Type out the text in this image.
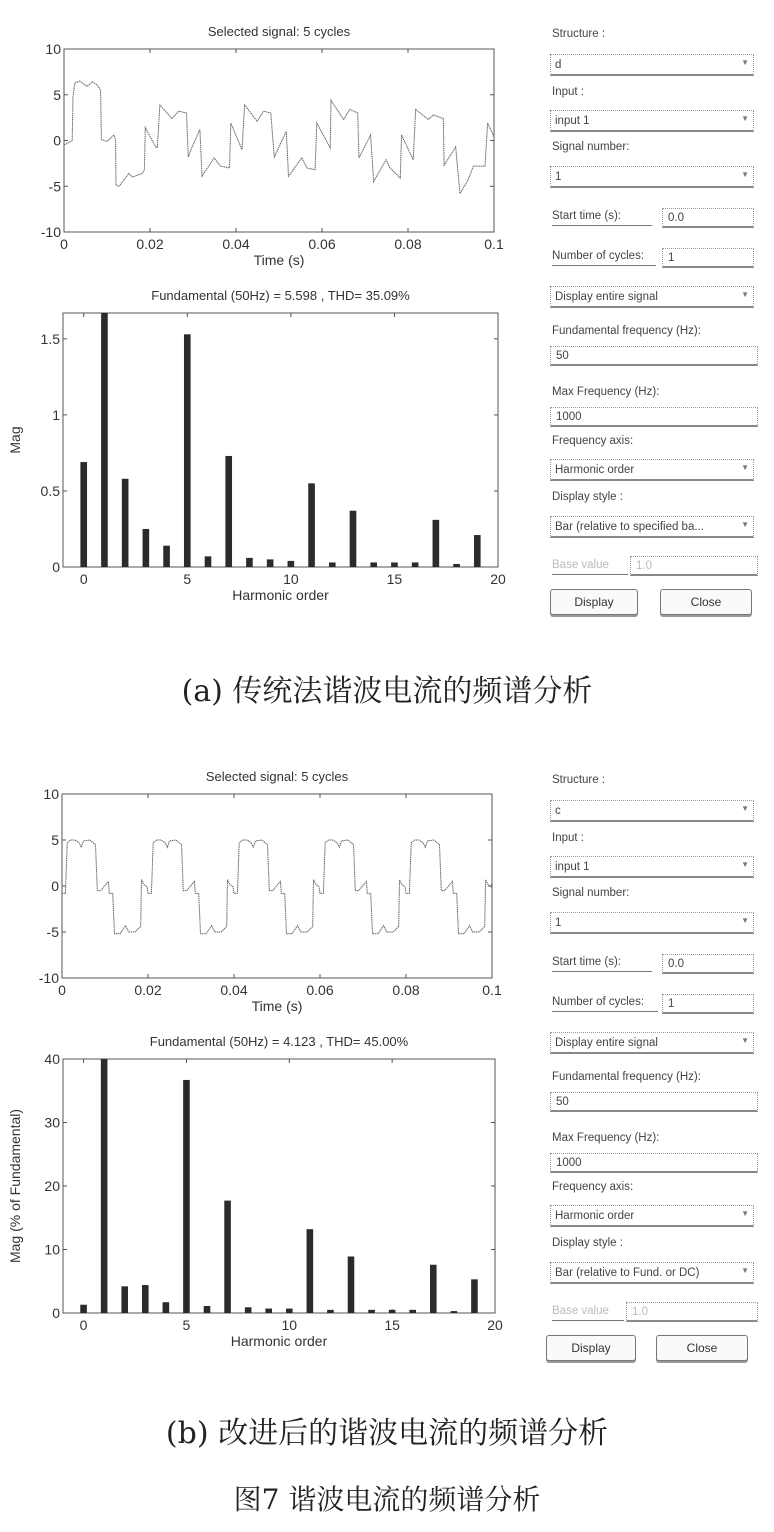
Selected signal: 5 cycles
0	0.02	0.04	0.06	0.08	0.1
-10
-5
0
5
10
Time (s)
Fundamental (50Hz) = 5.598 , THD= 35.09%
0	5	10	15	20
0
0.5
1
1.5
Harmonic order
Mag
Selected signal: 5 cycles
0	0.02	0.04	0.06	0.08	0.1
-10
-5
0
5
10
Time (s)
Fundamental (50Hz) = 4.123 , THD= 45.00%
0	5	10	15	20
0
10
20
30
40
Harmonic order
Mag (% of Fundamental)
Structure :
d	▼
Input :
input 1	▼
Signal number:
1	▼
Start time (s):	0.0
Number of cycles:	1
Display entire signal	▼
Fundamental frequency (Hz):
50
Max Frequency (Hz):
1000
Frequency axis:
Harmonic order	▼
Display style :
Bar (relative to specified ba...	▼
Base value	1.0
Display	Close
Structure :
c	▼
Input :
input 1	▼
Signal number:
1	▼
Start time (s):	0.0
Number of cycles:	1
Display entire signal	▼
Fundamental frequency (Hz):
50
Max Frequency (Hz):
1000
Frequency axis:
Harmonic order	▼
Display style :
Bar (relative to Fund. or DC)	▼
Base value	1.0
Display	Close
(a) 传统法谐波电流的频谱分析
(b) 改进后的谐波电流的频谱分析
图7 谐波电流的频谱分析
